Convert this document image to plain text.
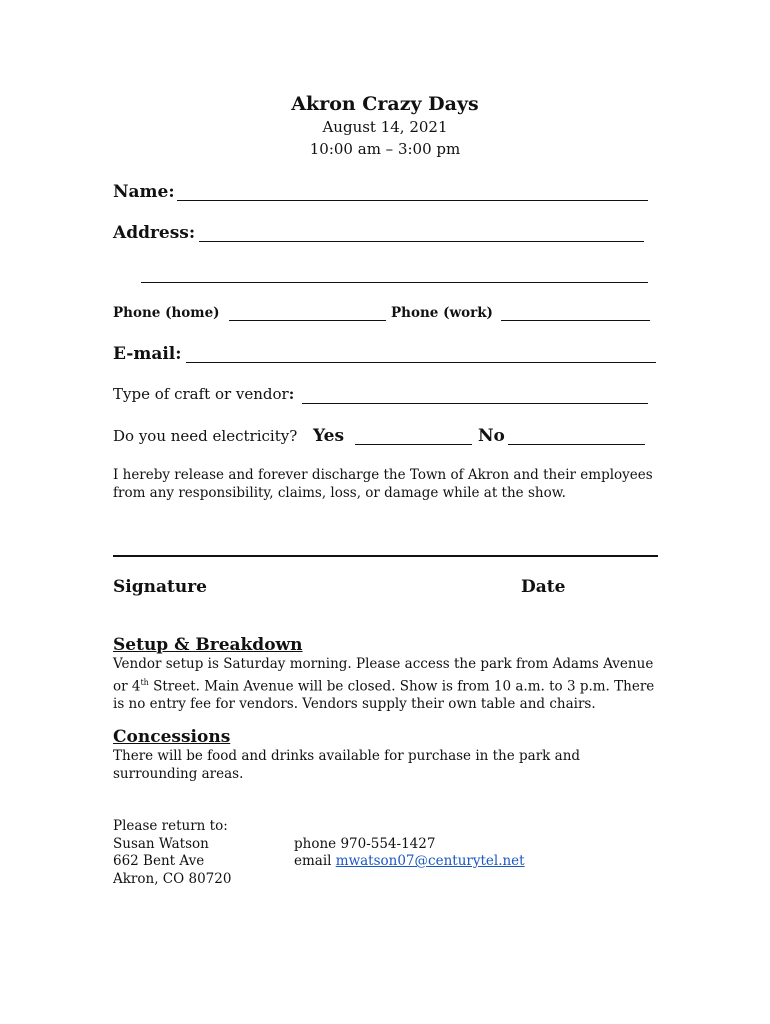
Akron Crazy Days
August 14, 2021
10:00 am – 3:00 pm
Name:
Address:
Phone (home)	Phone (work)
E-mail:
Type of craft or vendor:
Do you need electricity? Yes	No
I hereby release and forever discharge the Town of Akron and their employees from any responsibility, claims, loss, or damage while at the show.
Signature	Date
Setup & Breakdown
Vendor setup is Saturday morning. Please access the park from Adams Avenue or 4th Street. Main Avenue will be closed. Show is from 10 a.m. to 3 p.m. There is no entry fee for vendors. Vendors supply their own table and chairs.
Concessions
There will be food and drinks available for purchase in the park and surrounding areas.
Please return to:
Susan Watson
662 Bent Ave
Akron, CO 80720
phone 970-554-1427
email mwatson07@centurytel.net
